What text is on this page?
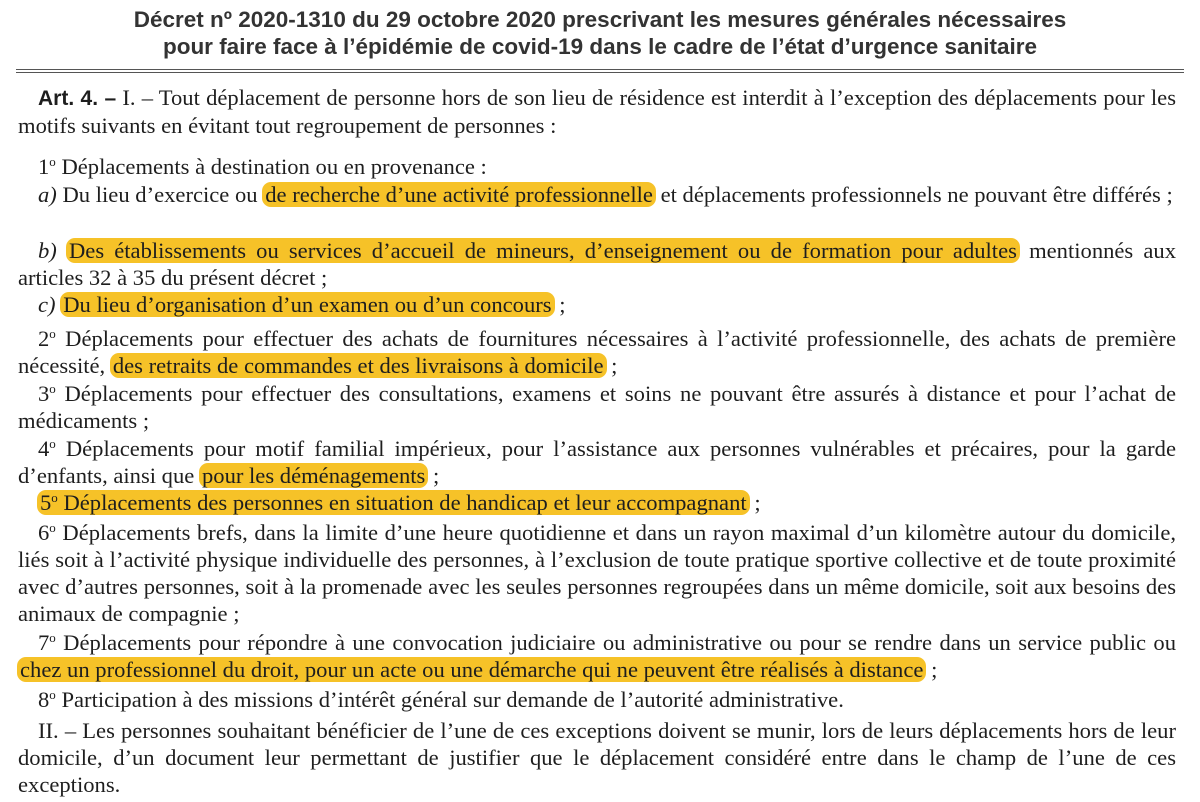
Décret nº 2020-1310 du 29 octobre 2020 prescrivant les mesures générales nécessaires
pour faire face à l’épidémie de covid-19 dans le cadre de l’état d’urgence sanitaire
Art. 4. – I. – Tout déplacement de personne hors de son lieu de résidence est interdit à l’exception des déplacements pour les motifs suivants en évitant tout regroupement de personnes :
1$^o$ Déplacements à destination ou en provenance :
a) Du lieu d’exercice ou de recherche d’une activité professionnelle et déplacements professionnels ne pouvant être différés ;
b) Des établissements ou services d’accueil de mineurs, d’enseignement ou de formation pour adultes mentionnés aux articles 32 à 35 du présent décret ;
c) Du lieu d’organisation d’un examen ou d’un concours ;
2$^o$ Déplacements pour effectuer des achats de fournitures nécessaires à l’activité professionnelle, des achats de première nécessité, des retraits de commandes et des livraisons à domicile ;
3$^o$ Déplacements pour effectuer des consultations, examens et soins ne pouvant être assurés à distance et pour l’achat de médicaments ;
4$^o$ Déplacements pour motif familial impérieux, pour l’assistance aux personnes vulnérables et précaires, pour la garde d’enfants, ainsi que pour les déménagements ;
5$^o$ Déplacements des personnes en situation de handicap et leur accompagnant ;
6$^o$ Déplacements brefs, dans la limite d’une heure quotidienne et dans un rayon maximal d’un kilomètre autour du domicile, liés soit à l’activité physique individuelle des personnes, à l’exclusion de toute pratique sportive collective et de toute proximité avec d’autres personnes, soit à la promenade avec les seules personnes regroupées dans un même domicile, soit aux besoins des animaux de compagnie ;
7$^o$ Déplacements pour répondre à une convocation judiciaire ou administrative ou pour se rendre dans un service public ou chez un professionnel du droit, pour un acte ou une démarche qui ne peuvent être réalisés à distance ;
8$^o$ Participation à des missions d’intérêt général sur demande de l’autorité administrative.
II. – Les personnes souhaitant bénéficier de l’une de ces exceptions doivent se munir, lors de leurs déplacements hors de leur domicile, d’un document leur permettant de justifier que le déplacement considéré entre dans le champ de l’une de ces exceptions.
